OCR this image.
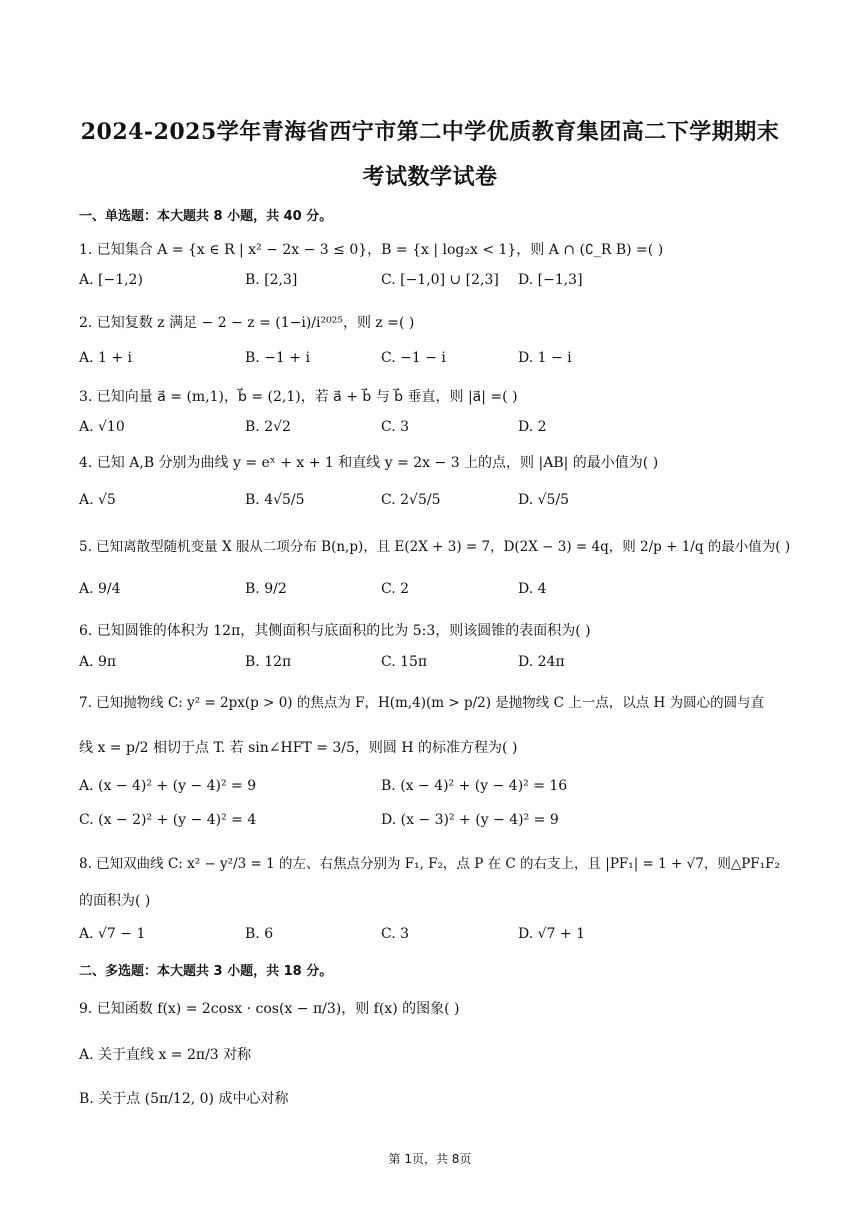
2024-2025学年青海省西宁市第二中学优质教育集团高二下学期期末
考试数学试卷
一、单选题：本大题共 8 小题，共 40 分。
1. 已知集合 A = {x ∈ R | x² − 2x − 3 ≤ 0}，B = {x | log₂x < 1}，则 A ∩ (∁_R B) =( )
A. [−1,2)	B. [2,3]	C. [−1,0] ∪ [2,3] D. [−1,3]
2. 已知复数 z 满足 − 2 − z = (1−i)/i²⁰²⁵，则 z =( )
A. 1 + i	B. −1 + i	C. −1 − i	D. 1 − i
3. 已知向量 a⃗ = (m,1)，b⃗ = (2,1)，若 a⃗ + b⃗ 与 b⃗ 垂直，则 |a⃗| =( )
A. √10	B. 2√2	C. 3	D. 2
4. 已知 A,B 分别为曲线 y = eˣ + x + 1 和直线 y = 2x − 3 上的点，则 |AB| 的最小值为( )
A. √5	B. 4√5/5	C. 2√5/5	D. √5/5
5. 已知离散型随机变量 X 服从二项分布 B(n,p)，且 E(2X + 3) = 7，D(2X − 3) = 4q，则 2/p + 1/q 的最小值为( )
A. 9/4	B. 9/2	C. 2	D. 4
6. 已知圆锥的体积为 12π，其侧面积与底面积的比为 5:3，则该圆锥的表面积为( )
A. 9π	B. 12π	C. 15π	D. 24π
7. 已知抛物线 C: y² = 2px(p > 0) 的焦点为 F，H(m,4)(m > p/2) 是抛物线 C 上一点，以点 H 为圆心的圆与直
线 x = p/2 相切于点 T. 若 sin∠HFT = 3/5，则圆 H 的标准方程为( )
A. (x − 4)² + (y − 4)² = 9	B. (x − 4)² + (y − 4)² = 16
C. (x − 2)² + (y − 4)² = 4	D. (x − 3)² + (y − 4)² = 9
8. 已知双曲线 C: x² − y²/3 = 1 的左、右焦点分别为 F₁, F₂，点 P 在 C 的右支上，且 |PF₁| = 1 + √7，则△PF₁F₂
的面积为( )
A. √7 − 1	B. 6	C. 3	D. √7 + 1
二、多选题：本大题共 3 小题，共 18 分。
9. 已知函数 f(x) = 2cosx · cos(x − π/3)，则 f(x) 的图象( )
A. 关于直线 x = 2π/3 对称
B. 关于点 (5π/12, 0) 成中心对称
第 1页，共 8页
